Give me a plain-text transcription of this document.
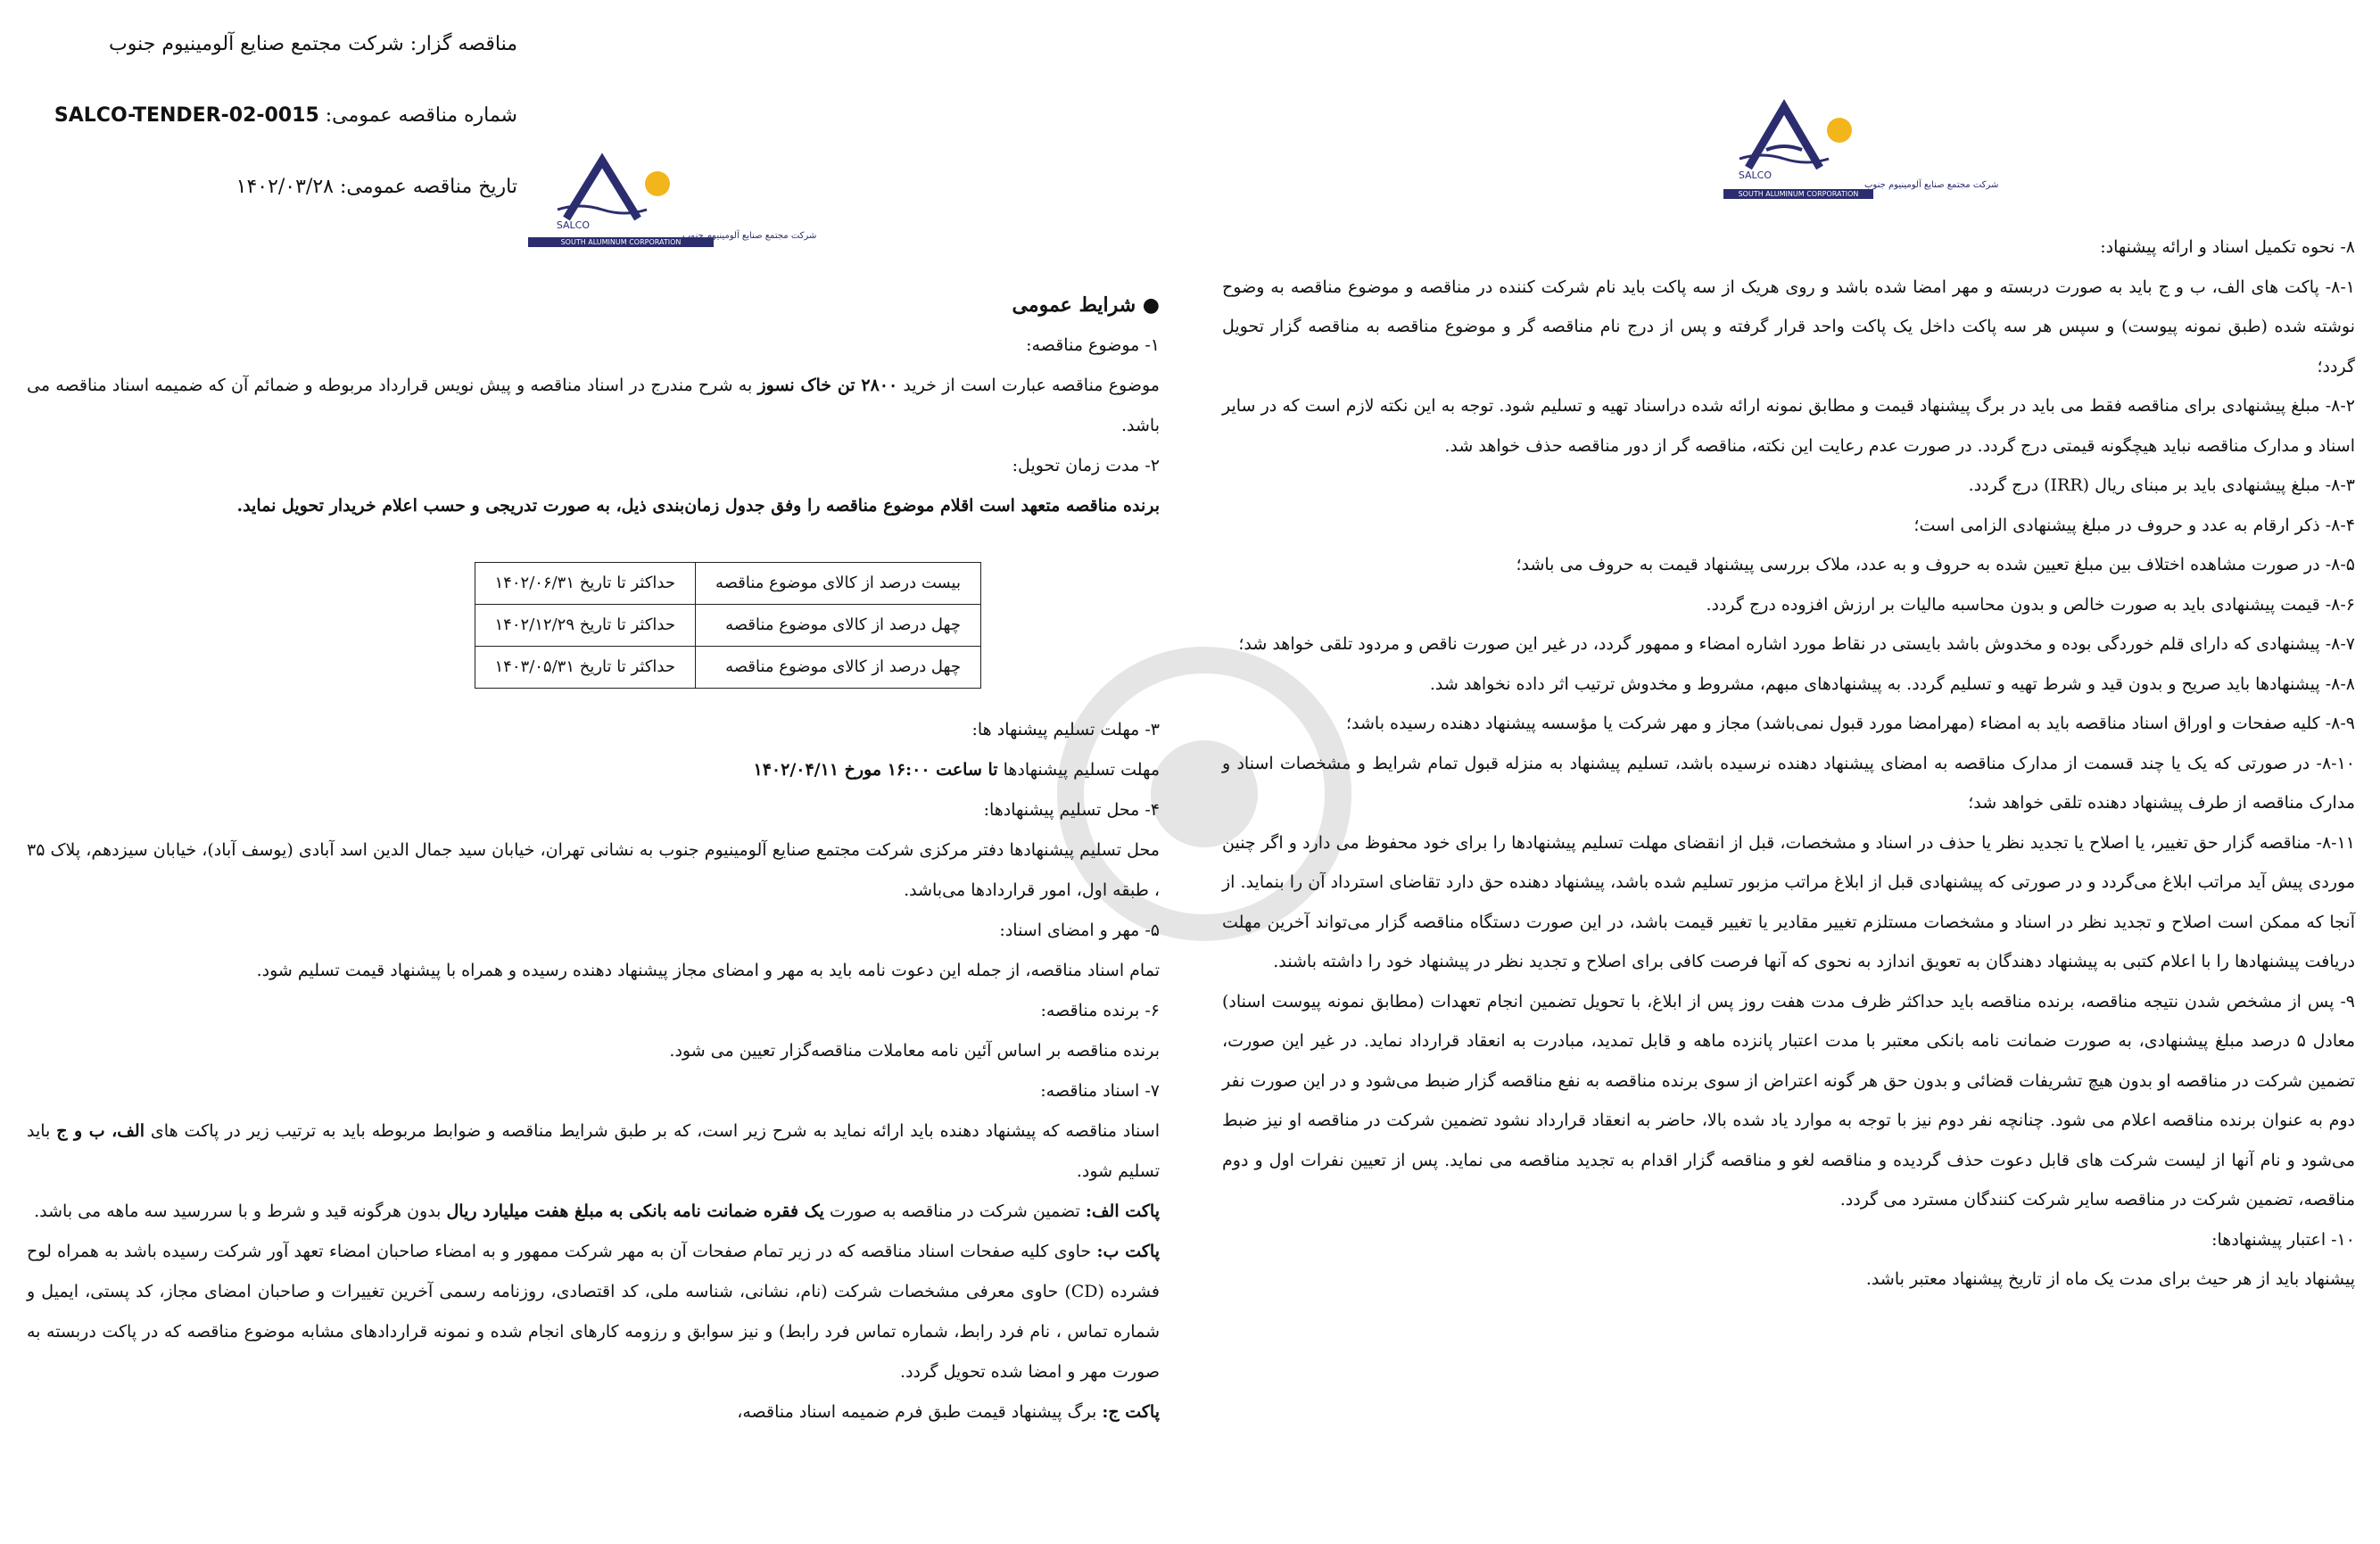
SALCO
شرکت مجتمع صنایع آلومینیوم جنوب
SOUTH ALUMINUM CORPORATION
SALCO
شرکت مجتمع صنایع آلومینیوم جنوب
SOUTH ALUMINUM CORPORATION

مناقصه گزار: شرکت مجتمع صنایع آلومینیوم جنوب

شماره مناقصه عمومی: SALCO-TENDER-02-0015

تاریخ مناقصه عمومی: ۱۴۰۲/۰۳/۲۸

۸- نحوه تکمیل اسناد و ارائه پیشنهاد:

۸-۱- پاکت های الف، ب و ج باید به صورت دربسته و مهر امضا شده باشد و روی هریک از سه پاکت باید نام شرکت کننده در مناقصه و موضوع مناقصه به وضوح نوشته شده (طبق نمونه پیوست) و سپس هر سه پاکت داخل یک پاکت واحد قرار گرفته و پس از درج نام مناقصه گر و موضوع مناقصه به مناقصه گزار تحویل گردد؛

۸-۲- مبلغ پیشنهادی برای مناقصه فقط می باید در برگ پیشنهاد قیمت و مطابق نمونه ارائه شده دراسناد تهیه و تسلیم شود. توجه به این نکته لازم است که در سایر اسناد و مدارک مناقصه نباید هیچگونه قیمتی درج گردد. در صورت عدم رعایت این نکته، مناقصه گر از دور مناقصه حذف خواهد شد.

۸-۳- مبلغ پیشنهادی باید بر مبنای ریال (IRR) درج گردد.

۸-۴- ذکر ارقام به عدد و حروف در مبلغ پیشنهادی الزامی است؛

۸-۵- در صورت مشاهده اختلاف بین مبلغ تعیین شده به حروف و به عدد، ملاک بررسی پیشنهاد قیمت به حروف می باشد؛

۸-۶- قیمت پیشنهادی باید به صورت خالص و بدون محاسبه مالیات بر ارزش افزوده درج گردد.

۸-۷- پیشنهادی که دارای قلم خوردگی بوده و مخدوش باشد بایستی در نقاط مورد اشاره امضاء و ممهور گردد، در غیر این صورت ناقص و مردود تلقی خواهد شد؛

۸-۸- پیشنهادها باید صریح و بدون قید و شرط تهیه و تسلیم گردد. به پیشنهادهای مبهم، مشروط و مخدوش ترتیب اثر داده نخواهد شد.

۸-۹- کلیه صفحات و اوراق اسناد مناقصه باید به امضاء (مهرامضا مورد قبول نمی‌باشد) مجاز و مهر شرکت یا مؤسسه پیشنهاد دهنده رسیده باشد؛

۸-۱۰- در صورتی که یک یا چند قسمت از مدارک مناقصه به امضای پیشنهاد دهنده نرسیده باشد، تسلیم پیشنهاد به منزله قبول تمام شرایط و مشخصات اسناد و مدارک مناقصه از طرف پیشنهاد دهنده تلقی خواهد شد؛

۸-۱۱- مناقصه گزار حق تغییر، یا اصلاح یا تجدید نظر یا حذف در اسناد و مشخصات، قبل از انقضای مهلت تسلیم پیشنهادها را برای خود محفوظ می دارد و اگر چنین موردی پیش آید مراتب ابلاغ می‌گردد و در صورتی که پیشنهادی قبل از ابلاغ مراتب مزبور تسلیم شده باشد، پیشنهاد دهنده حق دارد تقاضای استرداد آن را بنماید. از آنجا که ممکن است اصلاح و تجدید نظر در اسناد و مشخصات مستلزم تغییر مقادیر یا تغییر قیمت باشد، در این صورت دستگاه مناقصه گزار می‌تواند آخرین مهلت دریافت پیشنهادها را با اعلام کتبی به پیشنهاد دهندگان به تعویق اندازد به نحوی که آنها فرصت کافی برای اصلاح و تجدید نظر در پیشنهاد خود را داشته باشند.

۹- پس از مشخص شدن نتیجه مناقصه، برنده مناقصه باید حداکثر ظرف مدت هفت روز پس از ابلاغ، با تحویل تضمین انجام تعهدات (مطابق نمونه پیوست اسناد) معادل ۵ درصد مبلغ پیشنهادی، به صورت ضمانت نامه بانکی معتبر با مدت اعتبار پانزده ماهه و قابل تمدید، مبادرت به انعقاد قرارداد نماید. در غیر این صورت، تضمین شرکت در مناقصه او بدون هیچ تشریفات قضائی و بدون حق هر گونه اعتراض از سوی برنده مناقصه به نفع مناقصه گزار ضبط می‌شود و در این صورت نفر دوم به عنوان برنده مناقصه اعلام می شود. چنانچه نفر دوم نیز با توجه به موارد یاد شده بالا، حاضر به انعقاد قرارداد نشود تضمین شرکت در مناقصه او نیز ضبط می‌شود و نام آنها از لیست شرکت های قابل دعوت حذف گردیده و مناقصه لغو و مناقصه گزار اقدام به تجدید مناقصه می نماید. پس از تعیین نفرات اول و دوم مناقصه، تضمین شرکت در مناقصه سایر شرکت کنندگان مسترد می گردد.

۱۰- اعتبار پیشنهادها:

پیشنهاد باید از هر حیث برای مدت یک ماه از تاریخ پیشنهاد معتبر باشد.

● شرایط عمومی

۱- موضوع مناقصه:

موضوع مناقصه عبارت است از خرید ۲۸۰۰ تن خاک نسوز به شرح مندرج در اسناد مناقصه و پیش نویس قرارداد مربوطه و ضمائم آن که ضمیمه اسناد مناقصه می باشد.

۲- مدت زمان تحویل:

برنده مناقصه متعهد است اقلام موضوع مناقصه را وفق جدول زمان‌بندی ذیل، به صورت تدریجی و حسب اعلام خریدار تحویل نماید.

بیست درصد از کالای موضوع مناقصه	حداکثر تا تاریخ ۱۴۰۲/۰۶/۳۱
چهل درصد از کالای موضوع مناقصه	حداکثر تا تاریخ ۱۴۰۲/۱۲/۲۹
چهل درصد از کالای موضوع مناقصه	حداکثر تا تاریخ ۱۴۰۳/۰۵/۳۱

۳- مهلت تسلیم پیشنهاد ها:

مهلت تسلیم پیشنهادها تا ساعت ۱۶:۰۰ مورخ ۱۴۰۲/۰۴/۱۱

۴- محل تسلیم پیشنهادها:

محل تسلیم پیشنهادها دفتر مرکزی شرکت مجتمع صنایع آلومینیوم جنوب به نشانی تهران، خیابان سید جمال الدین اسد آبادی (یوسف آباد)، خیابان سیزدهم، پلاک ۳۵ ، طبقه اول، امور قراردادها می‌باشد.

۵- مهر و امضای اسناد:

تمام اسناد مناقصه، از جمله این دعوت نامه باید به مهر و امضای مجاز پیشنهاد دهنده رسیده و همراه با پیشنهاد قیمت تسلیم شود.

۶- برنده مناقصه:

برنده مناقصه بر اساس آئین نامه معاملات مناقصه‌گزار تعیین می شود.

۷- اسناد مناقصه:

اسناد مناقصه که پیشنهاد دهنده باید ارائه نماید به شرح زیر است، که بر طبق شرایط مناقصه و ضوابط مربوطه باید به ترتیب زیر در پاکت های الف، ب و ج باید تسلیم شود.

پاکت الف: تضمین شرکت در مناقصه به صورت یک فقره ضمانت نامه بانکی به مبلغ هفت میلیارد ریال بدون هرگونه قید و شرط و با سررسید سه ماهه می باشد.

پاکت ب: حاوی کلیه صفحات اسناد مناقصه که در زیر تمام صفحات آن به مهر شرکت ممهور و به امضاء صاحبان امضاء تعهد آور شرکت رسیده باشد به همراه لوح فشرده (CD) حاوی معرفی مشخصات شرکت (نام، نشانی، شناسه ملی، کد اقتصادی، روزنامه رسمی آخرین تغییرات و صاحبان امضای مجاز، کد پستی، ایمیل و شماره تماس ، نام فرد رابط، شماره تماس فرد رابط) و نیز سوابق و رزومه کارهای انجام شده و نمونه قراردادهای مشابه موضوع مناقصه که در پاکت دربسته به صورت مهر و امضا شده تحویل گردد.

پاکت ج: برگ پیشنهاد قیمت طبق فرم ضمیمه اسناد مناقصه،
